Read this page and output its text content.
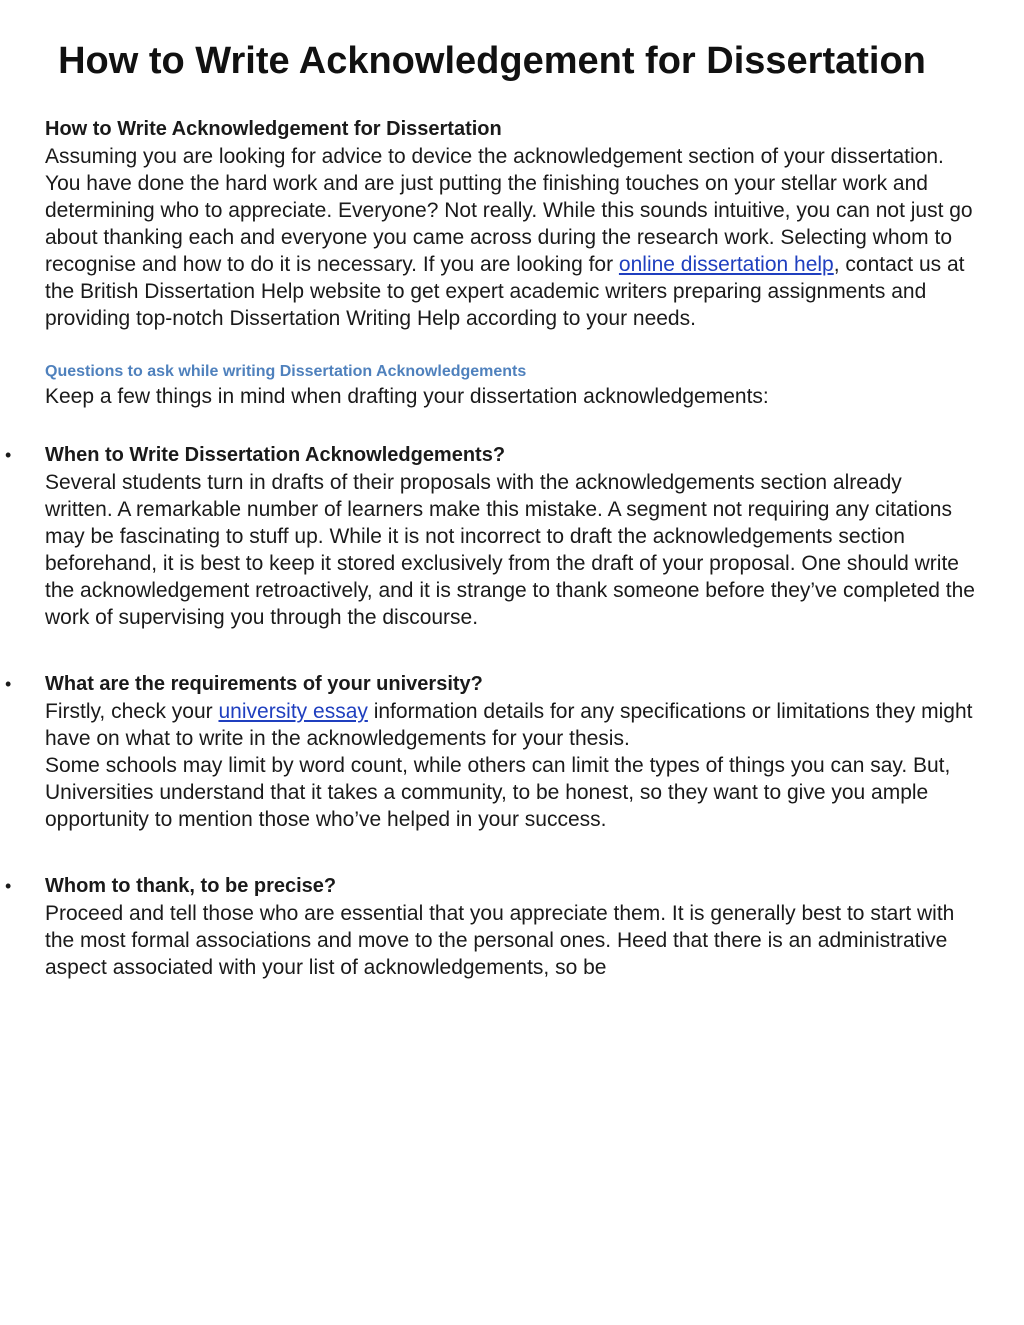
How to Write Acknowledgement for Dissertation
How to Write Acknowledgement for Dissertation

Assuming you are looking for advice to device the acknowledgement section of your dissertation. You have done the hard work and are just putting the finishing touches on your stellar work and determining who to appreciate. Everyone? Not really. While this sounds intuitive, you can not just go about thanking each and everyone you came across during the research work. Selecting whom to recognise and how to do it is necessary. If you are looking for online dissertation help, contact us at the British Dissertation Help website to get expert academic writers preparing assignments and providing top-notch Dissertation Writing Help according to your needs.

Questions to ask while writing Dissertation Acknowledgements

Keep a few things in mind when drafting your dissertation acknowledgements:

• When to Write Dissertation Acknowledgements?

Several students turn in drafts of their proposals with the acknowledgements section already written. A remarkable number of learners make this mistake. A segment not requiring any citations may be fascinating to stuff up. While it is not incorrect to draft the acknowledgements section beforehand, it is best to keep it stored exclusively from the draft of your proposal. One should write the acknowledgement retroactively, and it is strange to thank someone before they’ve completed the work of supervising you through the discourse.

• What are the requirements of your university?

Firstly, check your university essay information details for any specifications or limitations they might have on what to write in the acknowledgements for your thesis.

Some schools may limit by word count, while others can limit the types of things you can say. But, Universities understand that it takes a community, to be honest, so they want to give you ample opportunity to mention those who’ve helped in your success.

• Whom to thank, to be precise?

Proceed and tell those who are essential that you appreciate them. It is generally best to start with the most formal associations and move to the personal ones. Heed that there is an administrative aspect associated with your list of acknowledgements, so be
